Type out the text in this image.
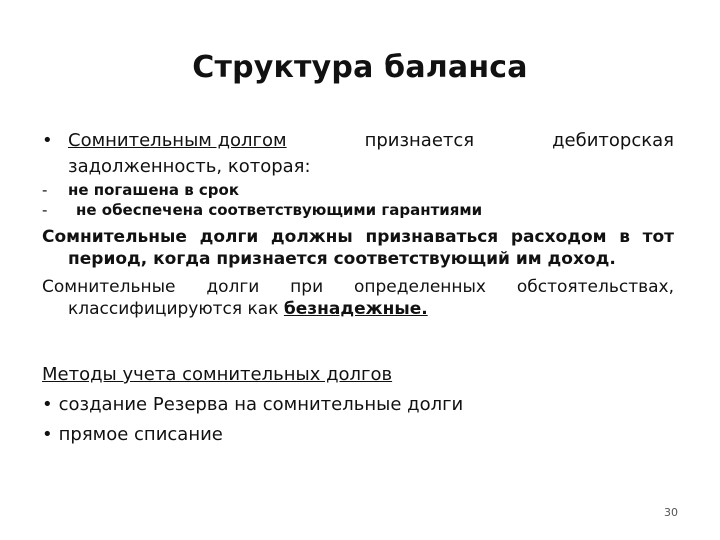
Структура баланса
• Сомнительным долгом	признается	дебиторская
задолженность, которая:
- не погашена в срок
- не обеспечена соответствующими гарантиями
Сомнительные долги должны признаваться расходом в тот период, когда признается соответствующий им доход.
Сомнительные долги при определенных обстоятельствах, классифицируются как безнадежные.
Методы учета сомнительных долгов
• создание Резерва на сомнительные долги
• прямое списание
30
